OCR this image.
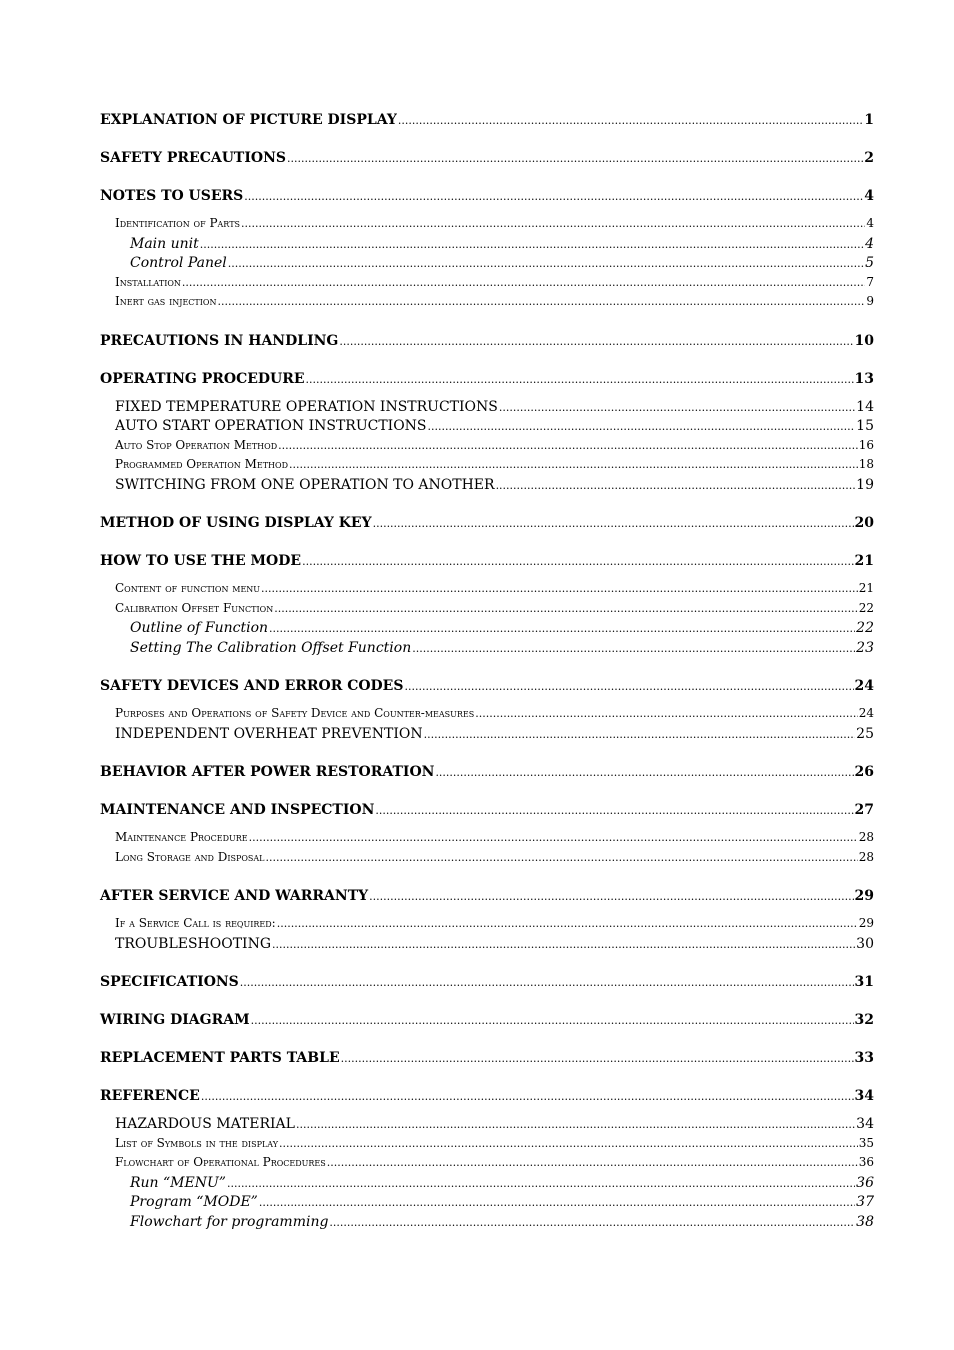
EXPLANATION OF PICTURE DISPLAY .....	1
SAFETY PRECAUTIONS .....	2
NOTES TO USERS .....	4
Identification of Parts .....	4
Main unit .....	4
Control Panel .....	5
Installation .....	7
Inert gas injection .....	9
PRECAUTIONS IN HANDLING .....	10
OPERATING PROCEDURE .....	13
FIXED TEMPERATURE OPERATION INSTRUCTIONS .....	14
AUTO START OPERATION INSTRUCTIONS .....	15
Auto Stop Operation Method .....	16
Programmed Operation Method .....	18
SWITCHING FROM ONE OPERATION TO ANOTHER .....	19
METHOD OF USING DISPLAY KEY .....	20
HOW TO USE THE MODE .....	21
Content of function menu .....	21
Calibration Offset Function .....	22
Outline of Function .....	22
Setting The Calibration Offset Function .....	23
SAFETY DEVICES AND ERROR CODES .....	24
Purposes and Operations of Safety Device and Counter-measures .....	24
INDEPENDENT OVERHEAT PREVENTION .....	25
BEHAVIOR AFTER POWER RESTORATION .....	26
MAINTENANCE AND INSPECTION .....	27
Maintenance Procedure .....	28
Long Storage and Disposal .....	28
AFTER SERVICE AND WARRANTY .....	29
If a Service Call is required: .....	29
TROUBLESHOOTING .....	30
SPECIFICATIONS .....	31
WIRING DIAGRAM .....	32
REPLACEMENT PARTS TABLE .....	33
REFERENCE .....	34
HAZARDOUS MATERIAL .....	34
List of Symbols in the display .....	35
Flowchart of Operational Procedures .....	36
Run “MENU” .....	36
Program “MODE” .....	37
Flowchart for programming .....	38
